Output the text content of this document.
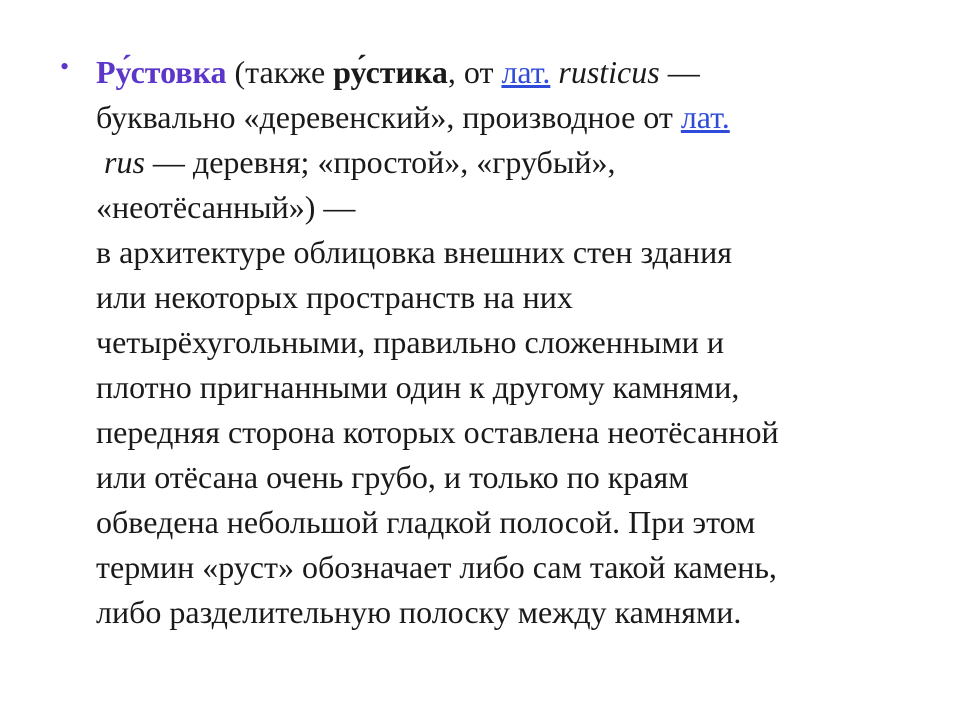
• Ру́стовка (также ру́стика, от лат. rusticus —
буквально «деревенский», производное от лат.
rus — деревня; «простой», «грубый»,
«неотёсанный») —
в архитектуре облицовка внешних стен здания
или некоторых пространств на них
четырёхугольными, правильно сложенными и
плотно пригнанными один к другому камнями,
передняя сторона которых оставлена неотёсанной
или отёсана очень грубо, и только по краям
обведена небольшой гладкой полосой. При этом
термин «руст» обозначает либо сам такой камень,
либо разделительную полоску между камнями.
